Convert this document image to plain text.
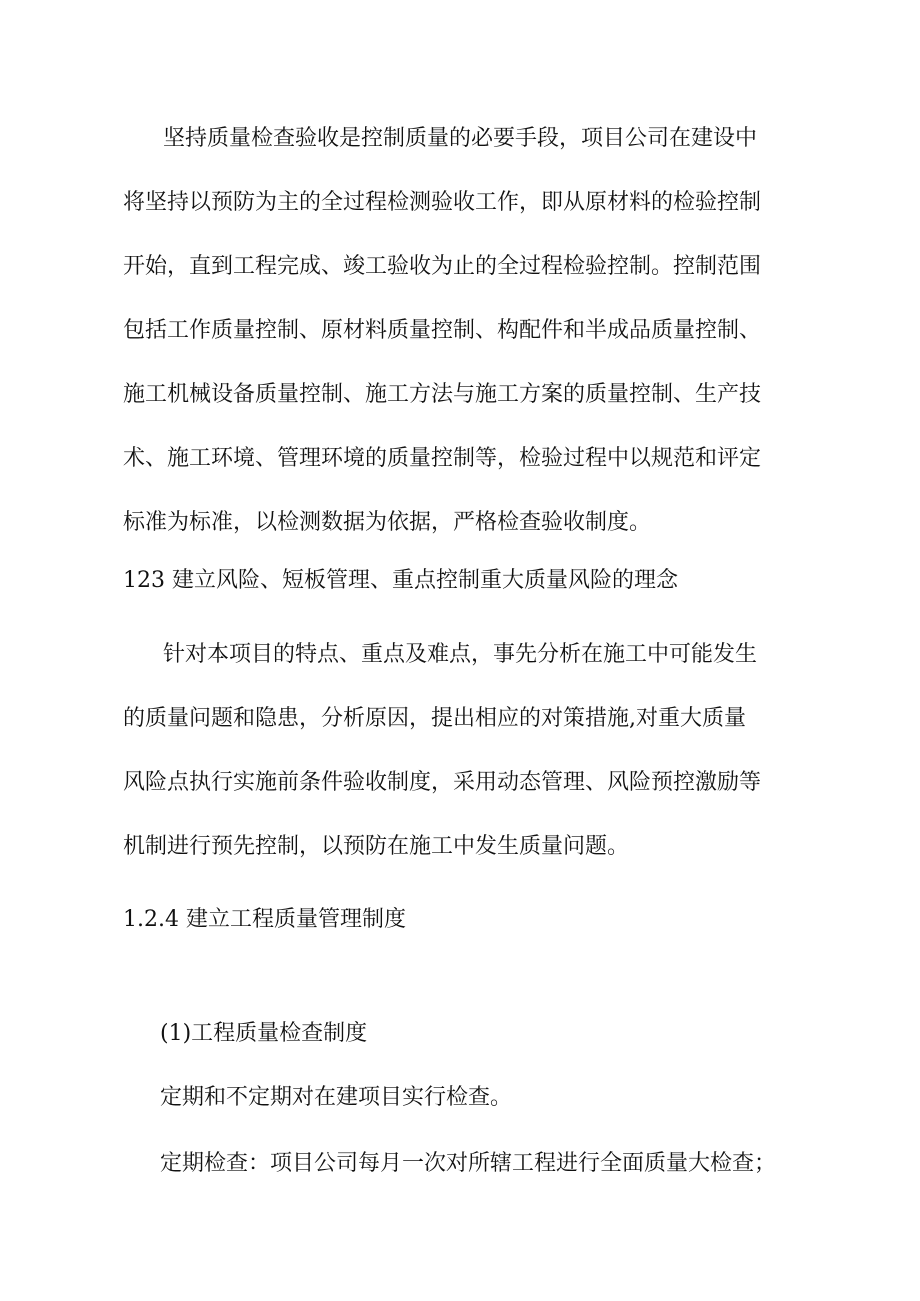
坚持质量检查验收是控制质量的必要手段，项目公司在建设中
将坚持以预防为主的全过程检测验收工作，即从原材料的检验控制
开始，直到工程完成、竣工验收为止的全过程检验控制。控制范围
包括工作质量控制、原材料质量控制、构配件和半成品质量控制、
施工机械设备质量控制、施工方法与施工方案的质量控制、生产技
术、施工环境、管理环境的质量控制等，检验过程中以规范和评定
标准为标准，以检测数据为依据，严格检查验收制度。
123 建立风险、短板管理、重点控制重大质量风险的理念
针对本项目的特点、重点及难点，事先分析在施工中可能发生
的质量问题和隐患，分析原因，提出相应的对策措施,对重大质量
风险点执行实施前条件验收制度，采用动态管理、风险预控激励等
机制进行预先控制，以预防在施工中发生质量问题。
1.2.4 建立工程质量管理制度
(1)工程质量检查制度
定期和不定期对在建项目实行检查。
定期检查：项目公司每月一次对所辖工程进行全面质量大检查；
